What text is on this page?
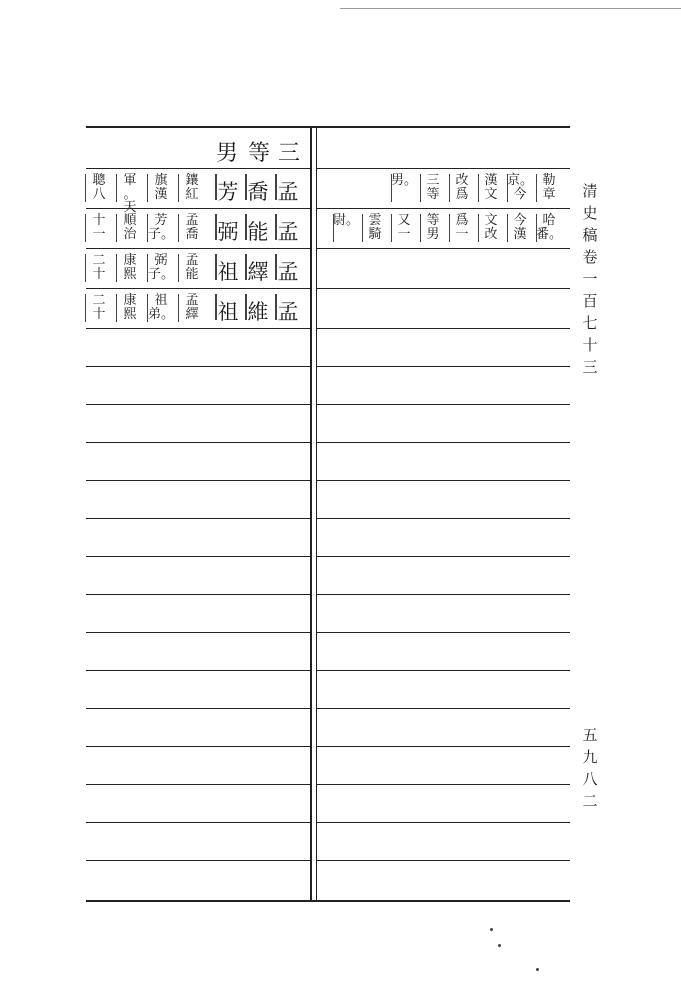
三
等
男
孟
喬
芳
鑲
紅
旗
漢
軍
。天
聰
八
孟
能
弼
孟
喬
芳
子。
順
治
十
一
孟
繹
祖
孟
能
弼
子。
康
熙
二
十
孟
維
祖
孟
繹
祖
弟。
康
熙
二
十
勒
章
京。
今
漢
文
改
爲
三
等
男。
哈
番。
今
漢
文
改
爲
一
等
男
又
一
雲
騎
尉。
清
史
稿
卷
一
百
七
十
三
五
九
八
二
